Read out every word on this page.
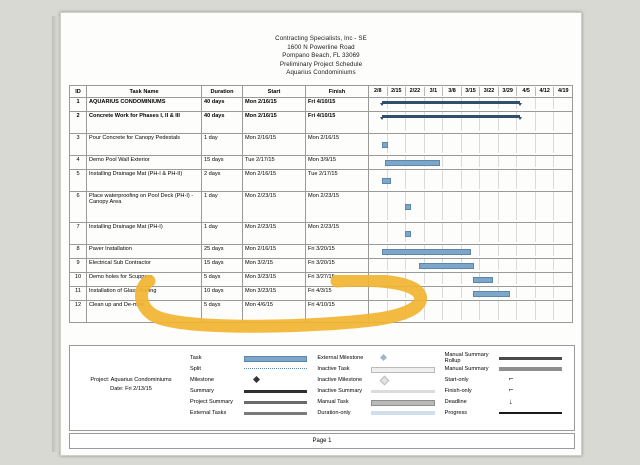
Contracting Specialists, Inc - SE
1600 N Powerline Road
Pompano Beach, FL 33069
Preliminary Project Schedule
Aquarius Condominiums
ID	Task Name	Duration	Start	Finish	2/8	2/15	2/22	3/1	3/8	3/15	3/22	3/29	4/5	4/12	4/19

1	AQUARIUS CONDOMINIUMS	40 days	Mon 2/16/15	Fri 4/10/15	

2	Concrete Work for Phases I, II & III	40 days	Mon 2/16/15	Fri 4/10/15	

3	Pour Concrete for Canopy Pedestals	1 day	Mon 2/16/15	Mon 2/16/15	

4	Demo Pool Wall Exterior	15 days	Tue 2/17/15	Mon 3/9/15	

5	Installing Drainage Mat (PH-I & PH-II)	2 days	Mon 2/16/15	Tue 2/17/15	

6	Place waterproofing on Pool Deck (PH-I) - Canopy Area	1 day	Mon 2/23/15	Mon 2/23/15	

7	Installing Drainage Mat (PH-I)	1 day	Mon 2/23/15	Mon 2/23/15	

8	Paver Installation	25 days	Mon 2/16/15	Fri 3/20/15	

9	Electrical Sub Contractor	15 days	Mon 3/2/15	Fri 3/20/15	

10	Demo holes for Scuppers	5 days	Mon 3/23/15	Fri 3/27/15	

11	Installation of Glass Railing	10 days	Mon 3/23/15	Fri 4/3/15	

12	Clean up and De-mob	5 days	Mon 4/6/15	Fri 4/10/15	
Project: Aquarius Condominiums
Date: Fri 2/13/15
Task	External Milestone	Manual Summary Rollup
Split	Inactive Task	Manual Summary
Milestone	Inactive Milestone	Start-only	⌐
Summary	Inactive Summary	Finish-only	⌐
Project Summary	Manual Task	Deadline	↓
External Tasks	Duration-only	Progress
Page 1
